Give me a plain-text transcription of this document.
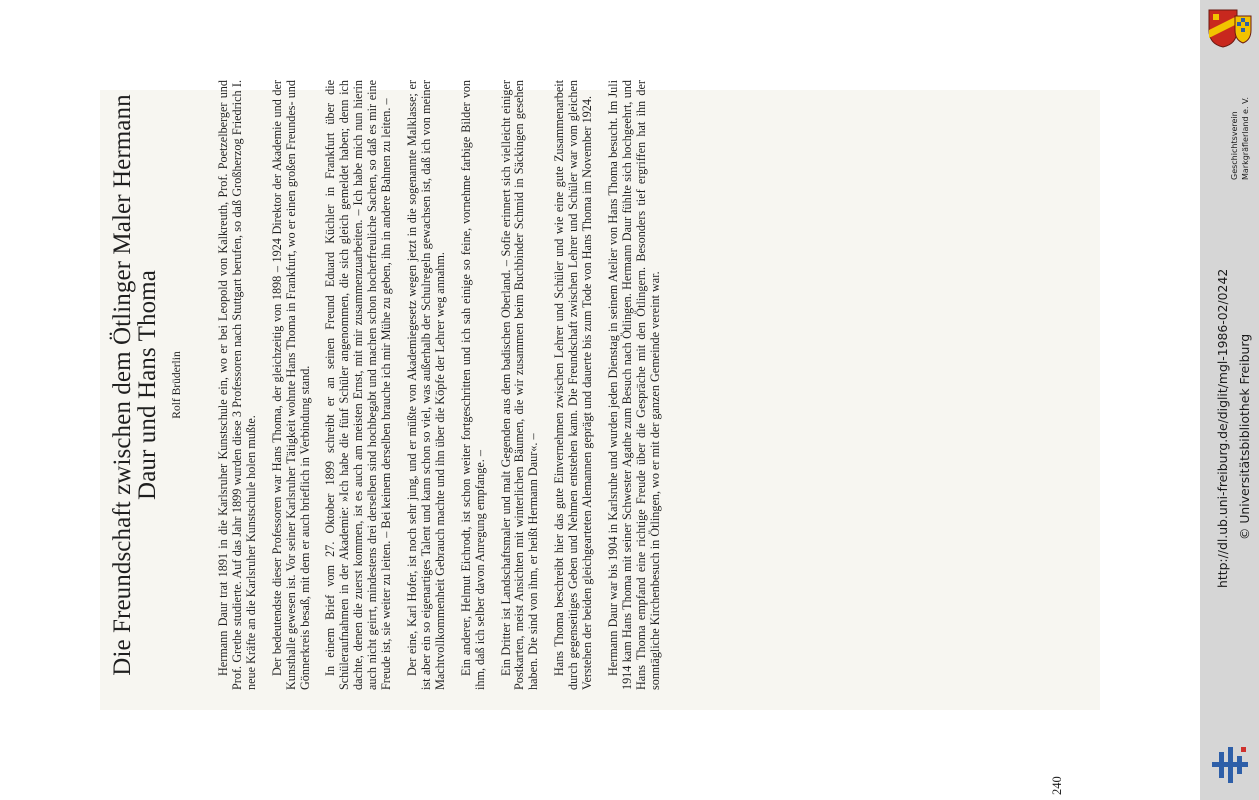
Die Freundschaft zwischen dem Ötlinger Maler Hermann Daur und Hans Thoma Rolf Brüderlin	Hermann Daur trat 1891 in die Karlsruher Kunstschule ein, wo er bei Leopold von Kalkreuth, Prof. Poetzelberger und Prof. Grethe studierte. Auf das Jahr 1899 wurden diese 3 Professoren nach Stuttgart berufen, so daß Großherzog Friedrich I. neue Kräfte an die Karlsruher Kunstschule holen mußte. Der bedeutendste dieser Professoren war Hans Thoma, der gleichzeitig von 1898 – 1924 Direktor der Akademie und der Kunsthalle gewesen ist. Vor seiner Karlsruher Tätigkeit wohnte Hans Thoma in Frankfurt, wo er einen großen Freundes- und Gönnerkreis besaß, mit dem er auch brieflich in Verbindung stand. In einem Brief vom 27. Oktober 1899 schreibt er an seinen Freund Eduard Küchler in Frankfurt über die Schüleraufnahmen in der Akademie: »Ich habe die fünf Schüler angenommen, die sich gleich gemeldet haben; denn ich dachte, denen die zuerst kommen, ist es auch am meisten Ernst, mit mir zusammenzuarbeiten. – Ich habe mich nun hierin auch nicht geirrt, mindestens drei derselben sind hochbegabt und machen schon hocherfreuliche Sachen, so daß es mir eine Freude ist, sie weiter zu leiten. – Bei keinem derselben brauche ich mir Mühe zu geben, ihn in andere Bahnen zu leiten. – Der eine, Karl Hofer, ist noch sehr jung, und er müßte von Akademiegesetz wegen jetzt in die sogenannte Malklasse; er ist aber ein so eigenartiges Talent und kann schon so viel, was außerhalb der Schulregeln gewachsen ist, daß ich von meiner Machtvollkommenheit Gebrauch machte und ihn über die Köpfe der Lehrer weg annahm. Ein anderer, Helmut Eichrodt, ist schon weiter fortgeschritten und ich sah einige so feine, vornehme farbige Bilder von ihm, daß ich selber davon Anregung empfange. – Ein Dritter ist Landschaftsmaler und malt Gegenden aus dem badischen Oberland. – Sofie erinnert sich vielleicht einiger Postkarten, meist Ansichten mit winterlichen Bäumen, die wir zusammen beim Buchbinder Schmid in Säckingen gesehen haben. Die sind von ihm, er heißt Hermann Daur«. – Hans Thoma beschreibt hier das gute Einvernehmen zwischen Lehrer und Schüler und wie eine gute Zusammenarbeit durch gegenseitiges Geben und Nehmen entstehen kann. Die Freundschaft zwischen Lehrer und Schüler war vom gleichen Verstehen der beiden gleichgearteten Alemannen geprägt und dauerte bis zum Tode von Hans Thoma im November 1924. Hermann Daur war bis 1904 in Karlsruhe und wurden jeden Dienstag in seinem Atelier von Hans Thoma besucht. Im Juli 1914 kam Hans Thoma mit seiner Schwester Agathe zum Besuch nach Ötlingen. Hermann Daur fühlte sich hochgeehrt, und Hans Thoma empfand eine richtige Freude über die Gespräche mit den Ötlingern. Besonders tief ergriffen hat ihn der sonntägliche Kirchenbesuch in Ötlingen, wo er mit der ganzen Gemeinde vereint war.

240
Geschichtsverein Markgräflerland e. V.
http://dl.ub.uni-freiburg.de/diglit/mgl-1986-02/0242 © Universitätsbibliothek Freiburg
